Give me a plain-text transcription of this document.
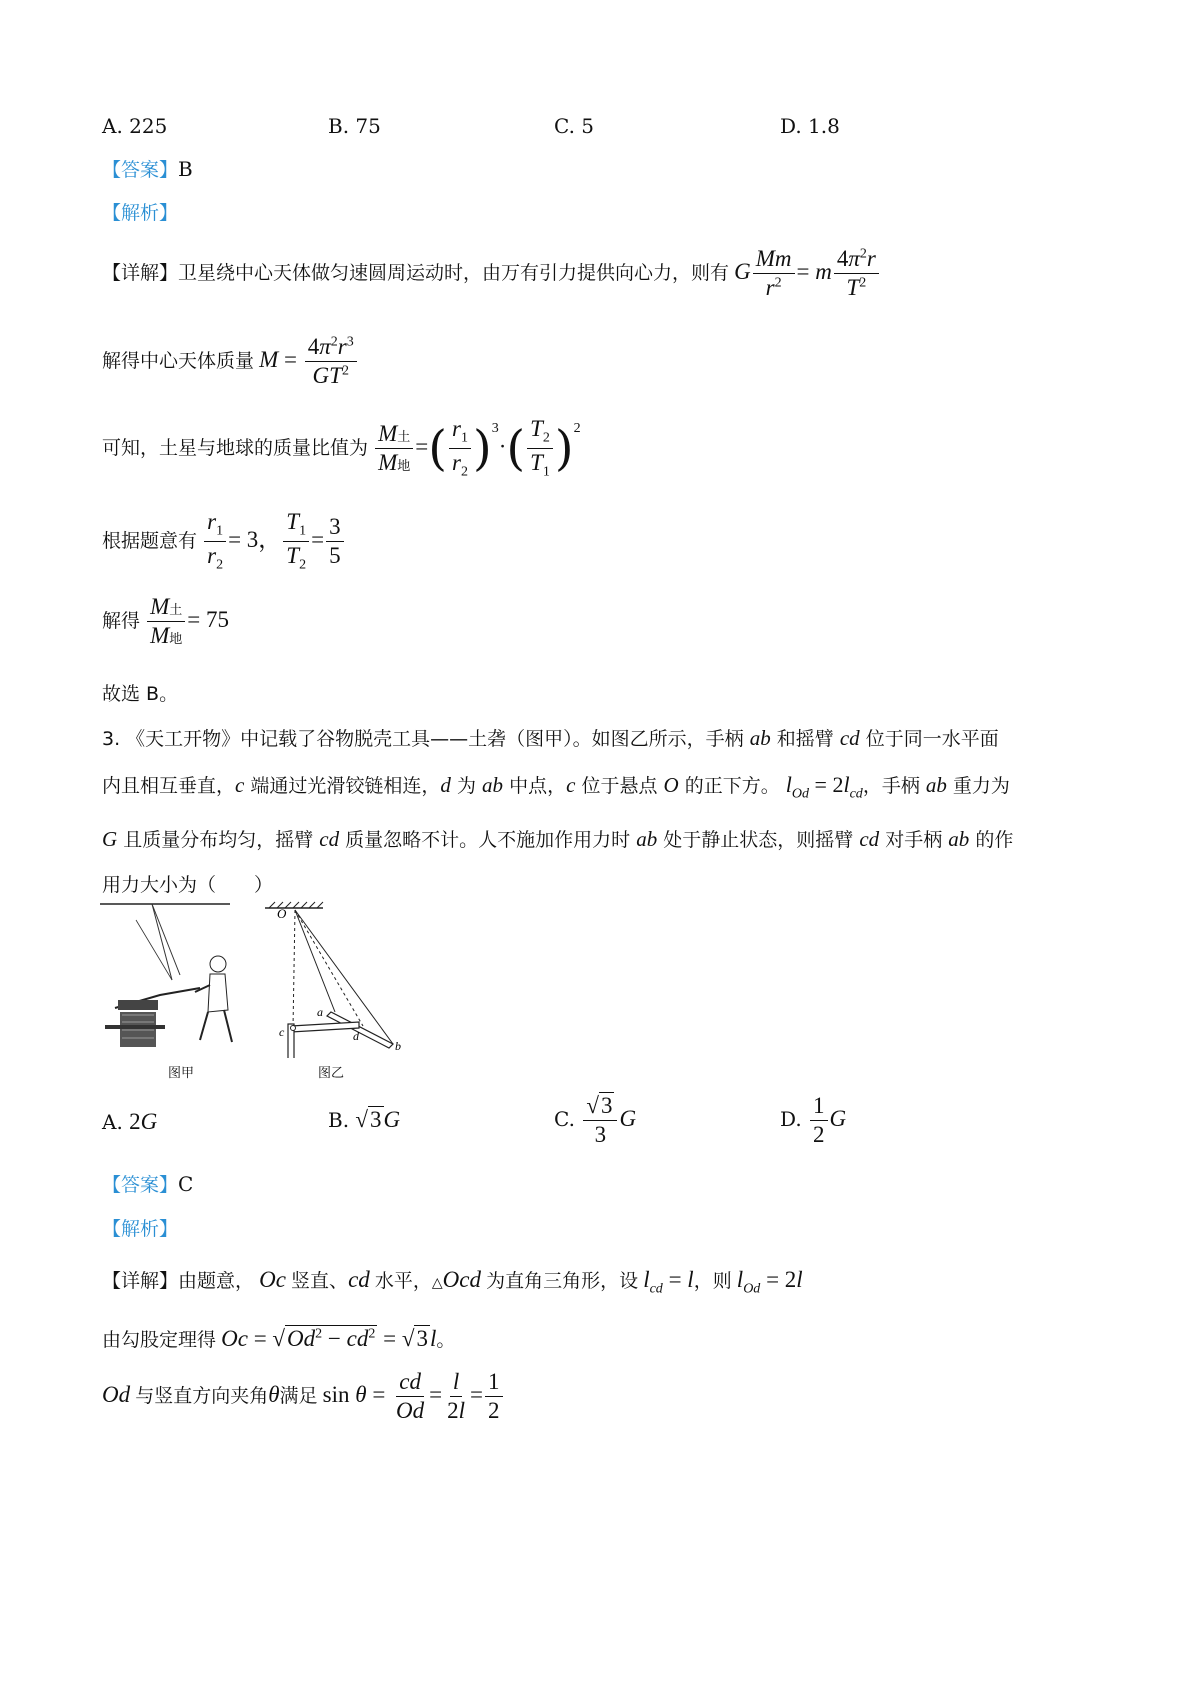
A. 225	B. 75	C. 5	D. 1.8
【答案】B
【解析】
【详解】卫星绕中心天体做匀速圆周运动时，由万有引力提供向心力，则有 G $\frac{Mm}{r^2} = m \frac{4\pi^2r}{T^2}$
解得中心天体质量 $M = \frac{4\pi^2r^3}{GT^2}$
可知，土星与地球的质量比值为 $\frac{\text{M土}}{\text{M地}}$ =( $\frac{r_1}{r_2} )^3\cdot( \frac{T_2}{T_1} )^2$
根据题意有 $\frac{r_1}{r_2} = 3$， $\frac{T_1}{T_2} = \frac{3}{5}$
解得 $\frac{\text{M土}}{\text{M地}} = 75$
故选 B。
3. 《天工开物》中记载了谷物脱壳工具——土砻（图甲）。如图乙所示，手柄 ab 和摇臂 cd 位于同一水平面
内且相互垂直，c 端通过光滑铰链相连，d 为 ab 中点，c 位于悬点 O 的正下方。 $l_{Od} = 2l_{cd}$，手柄 ab 重力为
G 且质量分布均匀，摇臂 cd 质量忽略不计。人不施加作用力时 ab 处于静止状态，则摇臂 cd 对手柄 ab 的作
用力大小为（　　）
图甲
O
a
b
c	d
图乙
A. 2G	B. √3G	C. $\frac{√3}{3}$ G	D. $\frac{1}{2}$ G
【答案】C
【解析】
【详解】由题意， Oc 竖直、cd 水平，△Ocd 为直角三角形，设 $l_{cd} = l$，则 $l_{Od} = 2l$
由勾股定理得 $Oc = √Od^2 - cd^2 = √3l$。
Od 与竖直方向夹角θ满足 $\sin \theta = \frac{cd}{Od} = \frac{l}{2l} = \frac{1}{2}$
